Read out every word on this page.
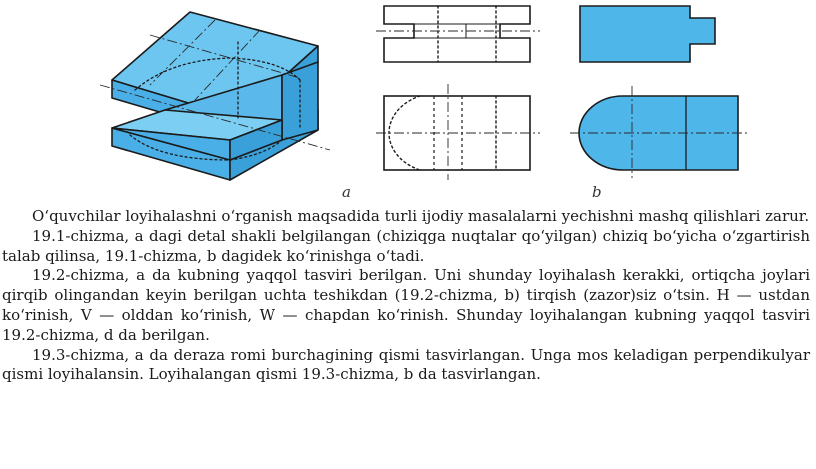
a	b

O‘quvchilar loyihalashni o‘rganish maqsadida turli ijodiy masalalarni yechishni mashq qilishlari zarur.

19.1-chizma, a dagi detal shakli belgilangan (chiziqga nuqtalar qo‘yilgan) chiziq bo‘yicha o‘zgartirish talab qilinsa, 19.1-chizma, b dagidek ko‘rinishga o‘tadi.

19.2-chizma, a da kubning yaqqol tasviri berilgan. Uni shunday loyihalash kerakki, ortiqcha joylari qirqib olingandan keyin berilgan uchta teshikdan (19.2-chizma, b) tirqish (zazor)siz o‘tsin. H — ustdan ko‘rinish, V — olddan ko‘rinish, W — chapdan ko‘rinish. Shunday loyihalangan kubning yaqqol tasviri 19.2-chizma, d da berilgan.

19.3-chizma, a da deraza romi burchagining qismi tasvirlangan. Unga mos keladigan perpendikulyar qismi loyihalansin. Loyihalangan qismi 19.3-chizma, b da tasvirlangan.
